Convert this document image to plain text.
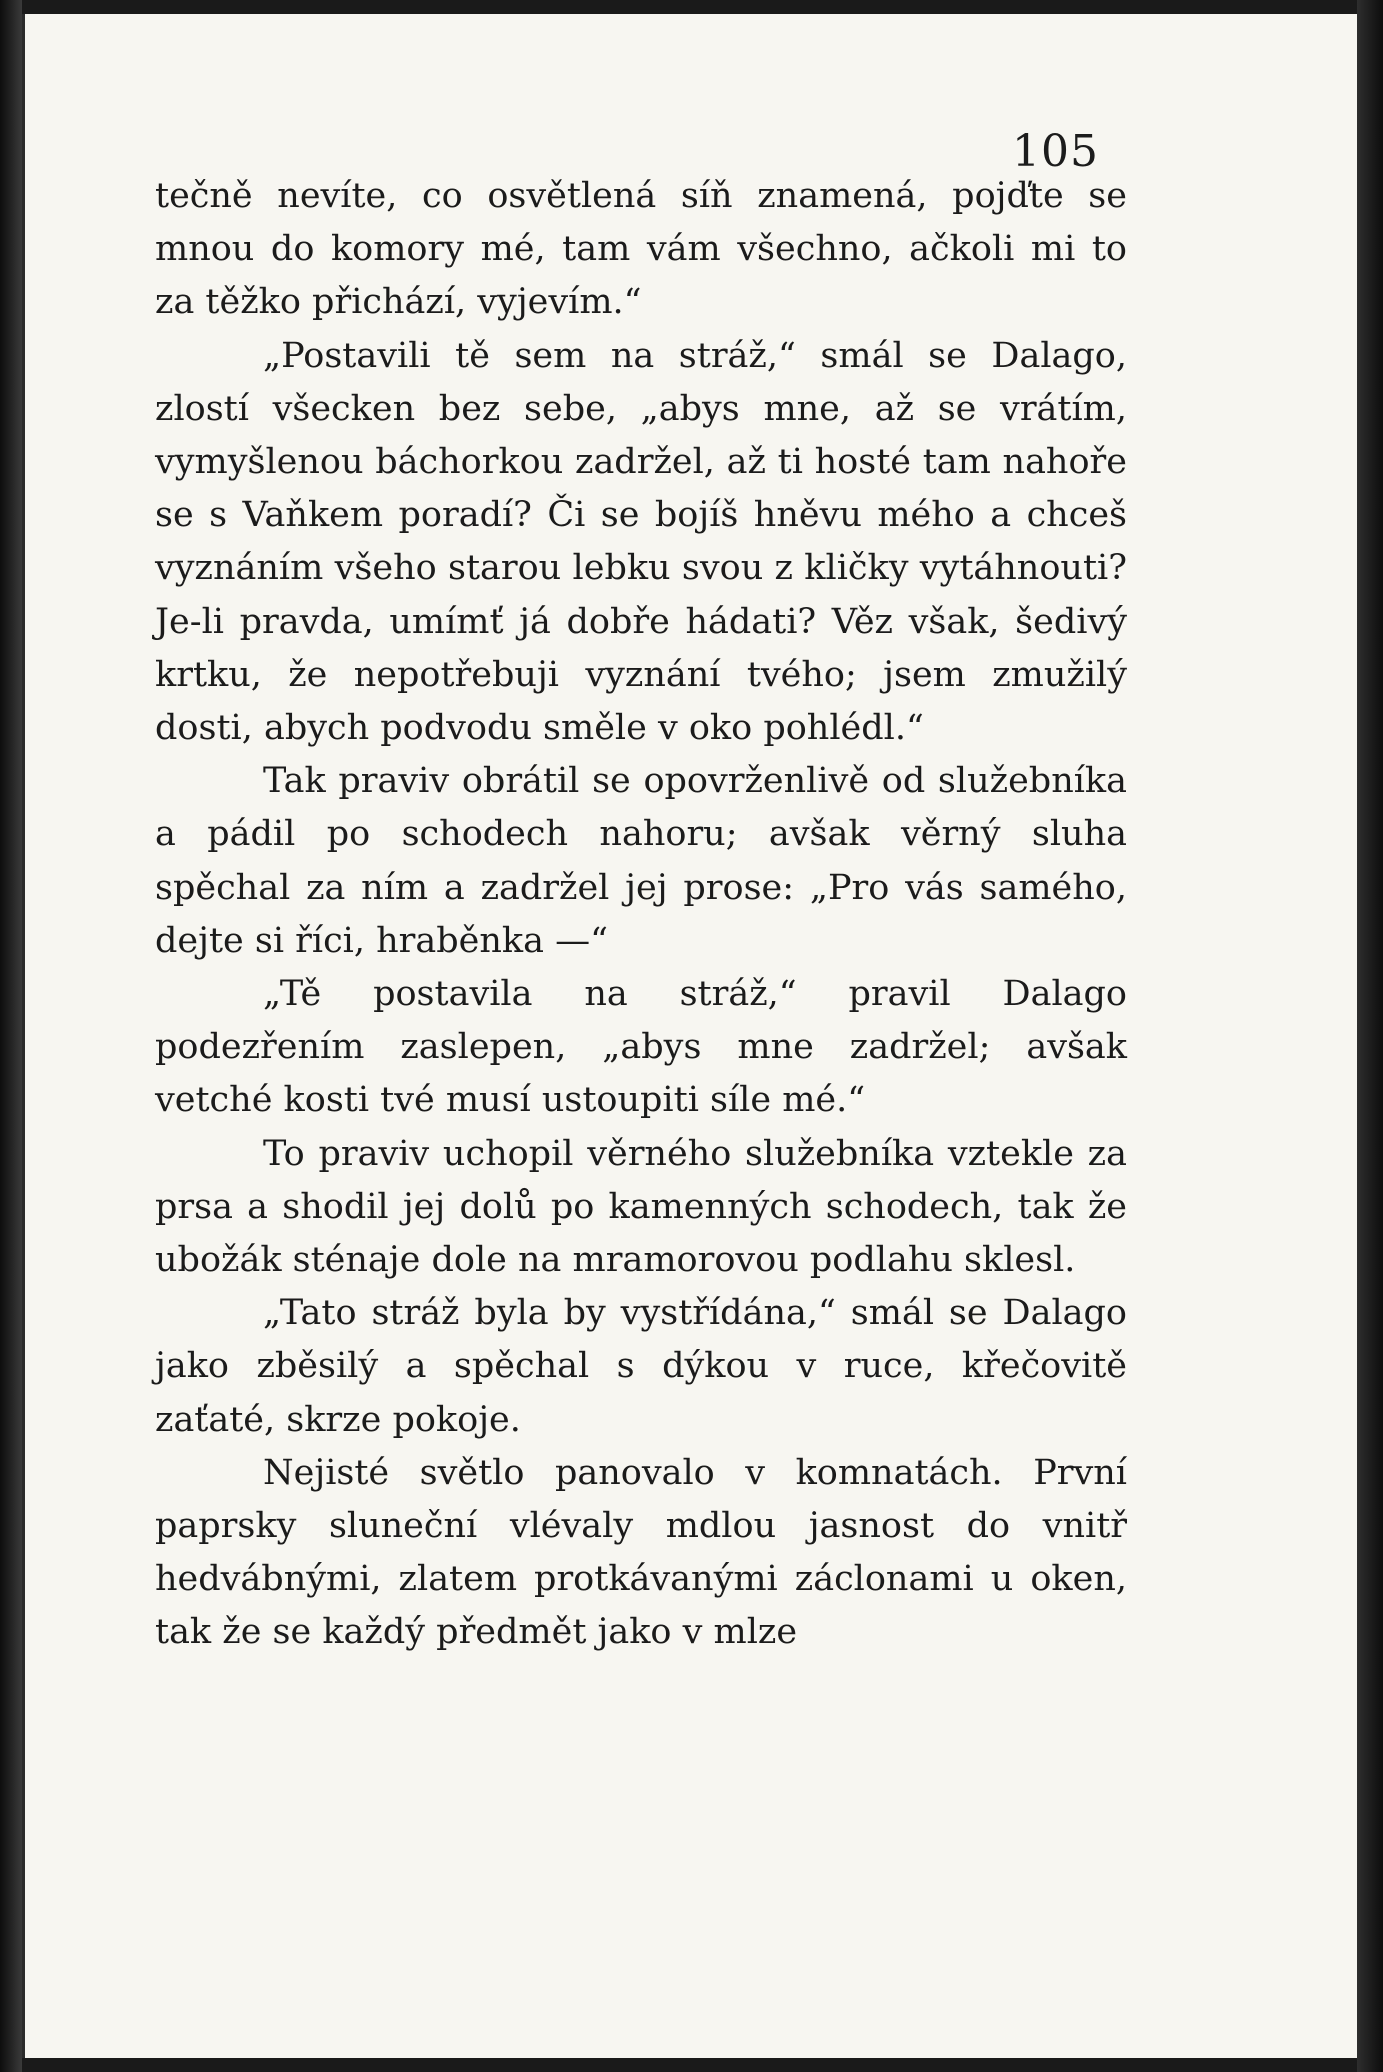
105

tečně nevíte, co osvětlená síň znamená, pojďte se mnou do komory mé, tam vám všechno, ačkoli mi to za těžko přichází, vyjevím.“

„Postavili tě sem na stráž,“ smál se Dalago, zlostí všecken bez sebe, „abys mne, až se vrátím, vymyšlenou báchorkou zadržel, až ti hosté tam nahoře se s Vaňkem poradí? Či se bojíš hněvu mého a chceš vyznáním všeho starou lebku svou z kličky vytáhnouti? Je-li pravda, umímť já dobře hádati? Věz však, šedivý krtku, že nepotřebuji vyznání tvého; jsem zmužilý dosti, abych podvodu směle v oko pohlédl.“

Tak praviv obrátil se opovrženlivě od služebníka a pádil po schodech nahoru; avšak věrný sluha spěchal za ním a zadržel jej prose: „Pro vás samého, dejte si říci, hraběnka —“

„Tě postavila na stráž,“ pravil Dalago podezřením zaslepen, „abys mne zadržel; avšak vetché kosti tvé musí ustoupiti síle mé.“

To praviv uchopil věrného služebníka vztekle za prsa a shodil jej dolů po kamenných schodech, tak že ubožák sténaje dole na mramorovou podlahu sklesl.

„Tato stráž byla by vystřídána,“ smál se Dalago jako zběsilý a spěchal s dýkou v ruce, křečovitě zaťaté, skrze pokoje.

Nejisté světlo panovalo v komnatách. První paprsky sluneční vlévaly mdlou jasnost do vnitř hedvábnými, zlatem protkávanými záclonami u oken, tak že se každý předmět jako v mlze
